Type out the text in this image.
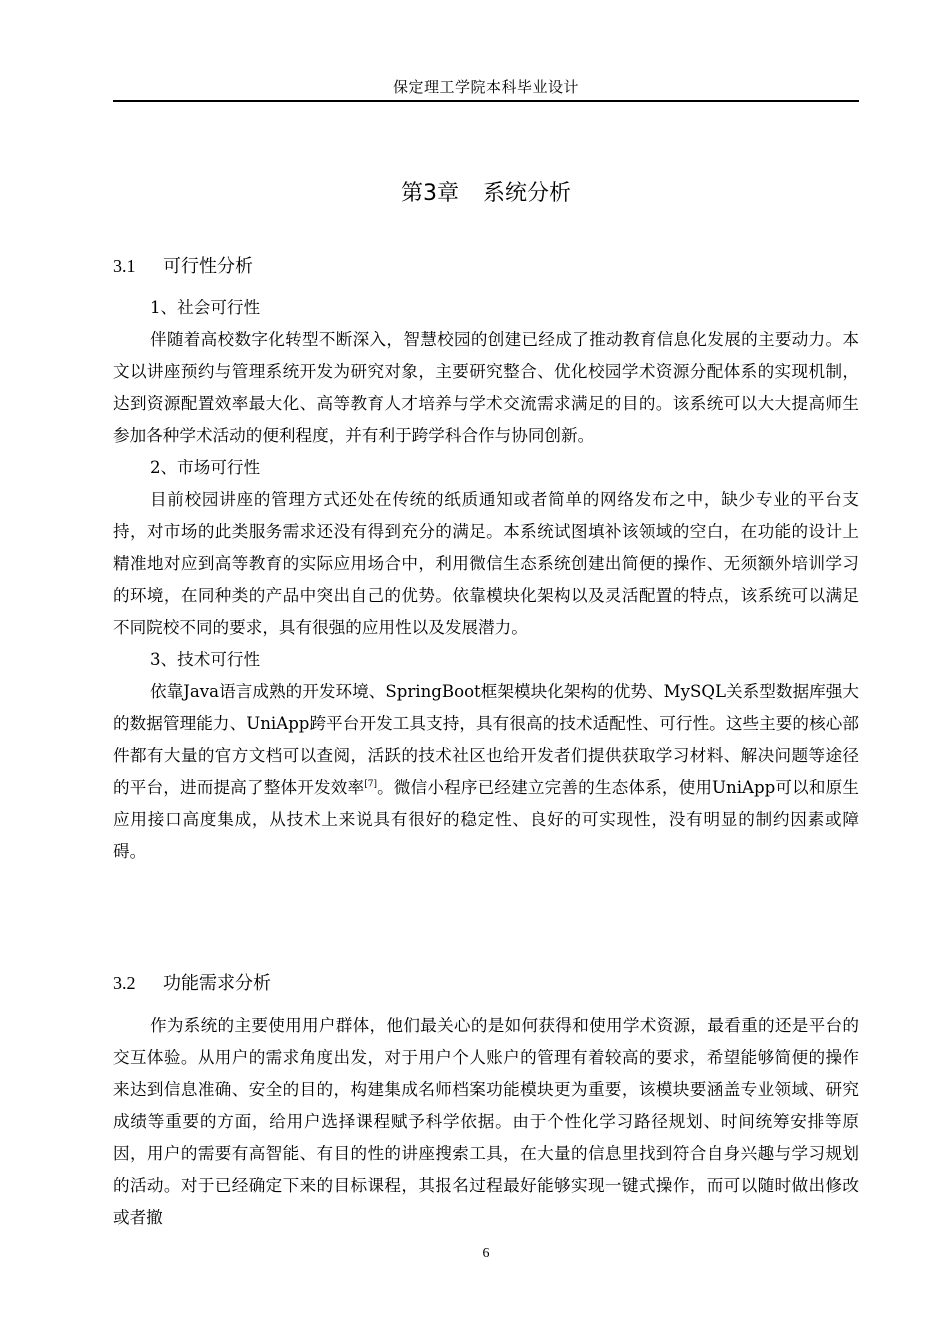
保定理工学院本科毕业设计
第3章 系统分析
3.1 可行性分析

1、社会可行性

伴随着高校数字化转型不断深入，智慧校园的创建已经成了推动教育信息化发展的主要动力。本文以讲座预约与管理系统开发为研究对象，主要研究整合、优化校园学术资源分配体系的实现机制，达到资源配置效率最大化、高等教育人才培养与学术交流需求满足的目的。该系统可以大大提高师生参加各种学术活动的便利程度，并有利于跨学科合作与协同创新。

2、市场可行性

目前校园讲座的管理方式还处在传统的纸质通知或者简单的网络发布之中，缺少专业的平台支持，对市场的此类服务需求还没有得到充分的满足。本系统试图填补该领域的空白，在功能的设计上精准地对应到高等教育的实际应用场合中，利用微信生态系统创建出简便的操作、无须额外培训学习的环境，在同种类的产品中突出自己的优势。依靠模块化架构以及灵活配置的特点，该系统可以满足不同院校不同的要求，具有很强的应用性以及发展潜力。

3、技术可行性

依靠Java语言成熟的开发环境、SpringBoot框架模块化架构的优势、MySQL关系型数据库强大的数据管理能力、UniApp跨平台开发工具支持，具有很高的技术适配性、可行性。这些主要的核心部件都有大量的官方文档可以查阅，活跃的技术社区也给开发者们提供获取学习材料、解决问题等途径的平台，进而提高了整体开发效率[7]。微信小程序已经建立完善的生态体系，使用UniApp可以和原生应用接口高度集成，从技术上来说具有很好的稳定性、良好的可实现性，没有明显的制约因素或障碍。

3.2 功能需求分析

作为系统的主要使用用户群体，他们最关心的是如何获得和使用学术资源，最看重的还是平台的交互体验。从用户的需求角度出发，对于用户个人账户的管理有着较高的要求，希望能够简便的操作来达到信息准确、安全的目的，构建集成名师档案功能模块更为重要，该模块要涵盖专业领域、研究成绩等重要的方面，给用户选择课程赋予科学依据。由于个性化学习路径规划、时间统筹安排等原因，用户的需要有高智能、有目的性的讲座搜索工具，在大量的信息里找到符合自身兴趣与学习规划的活动。对于已经确定下来的目标课程，其报名过程最好能够实现一键式操作，而可以随时做出修改或者撤

6
